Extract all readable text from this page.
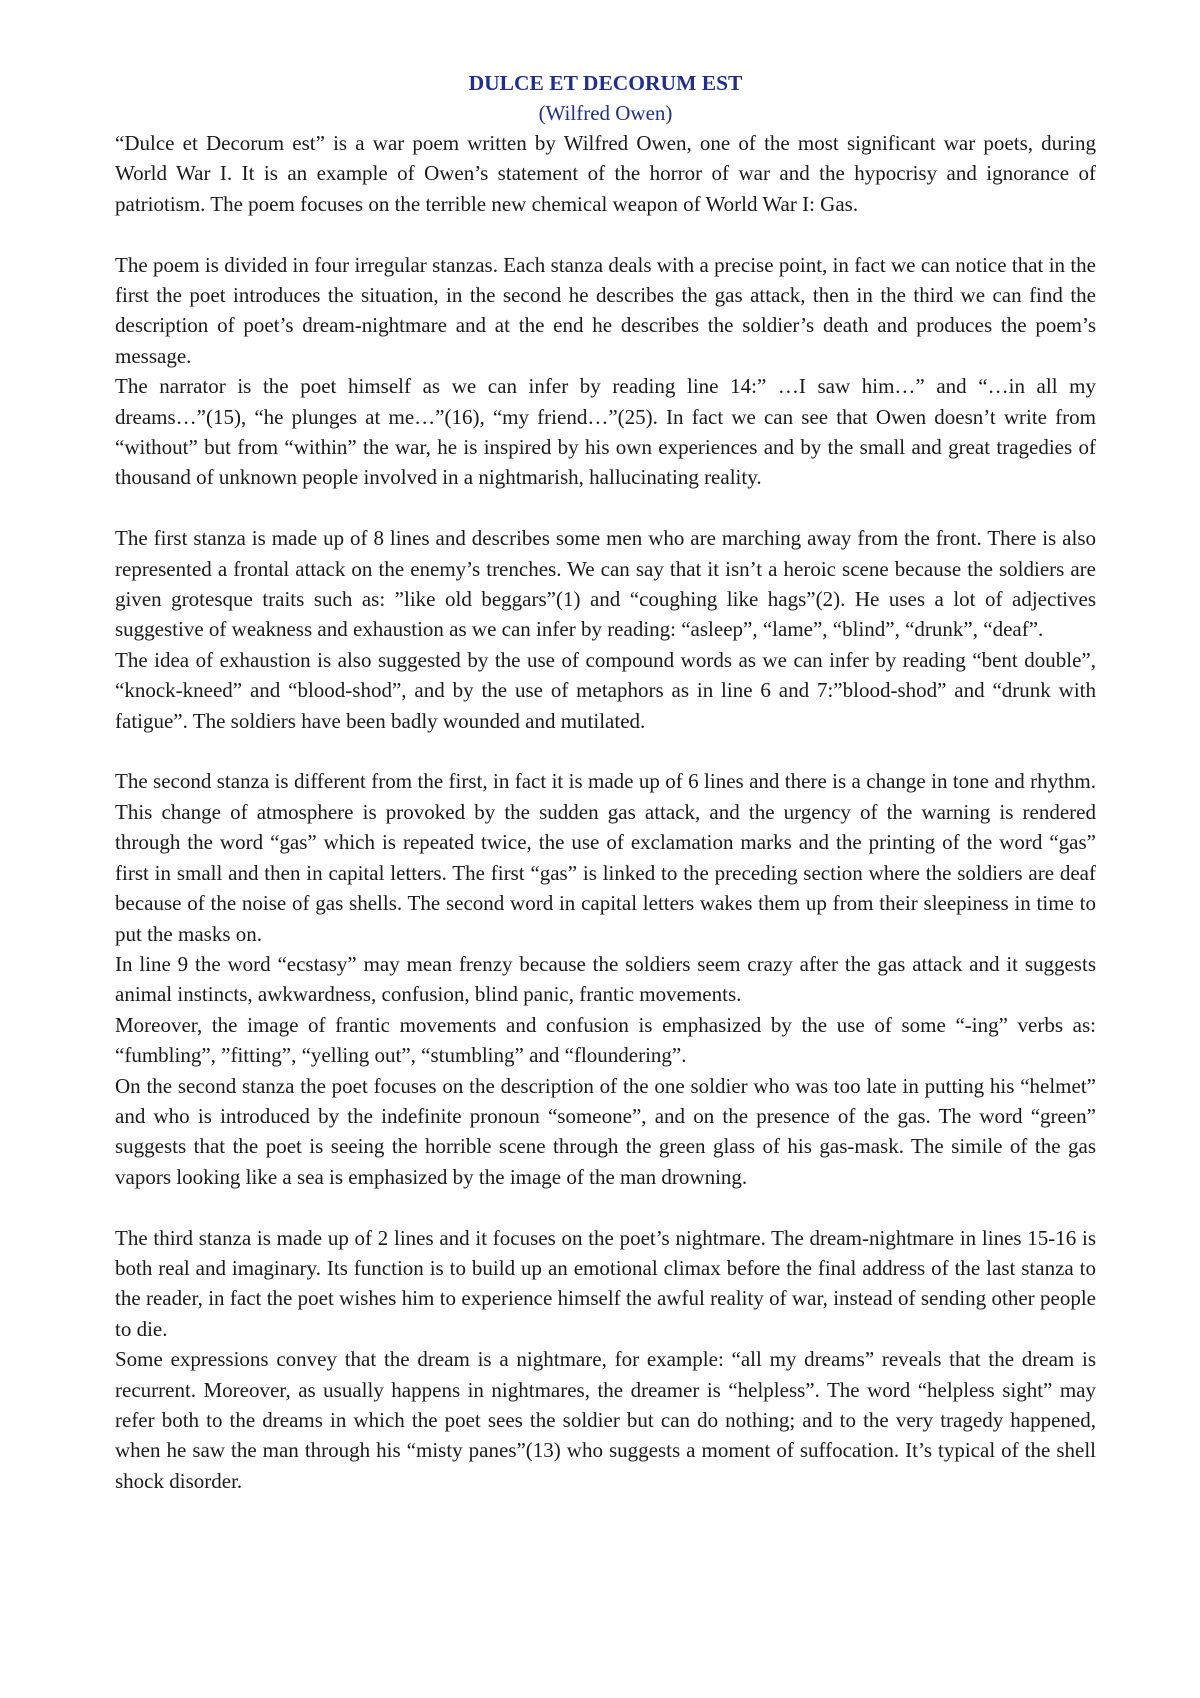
DULCE ET DECORUM EST

(Wilfred Owen)

“Dulce et Decorum est” is a war poem written by Wilfred Owen, one of the most significant war poets, during World War I. It is an example of Owen’s statement of the horror of war and the hypocrisy and ignorance of patriotism. The poem focuses on the terrible new chemical weapon of World War I: Gas.

The poem is divided in four irregular stanzas. Each stanza deals with a precise point, in fact we can notice that in the first the poet introduces the situation, in the second he describes the gas attack, then in the third we can find the description of poet’s dream-nightmare and at the end he describes the soldier’s death and produces the poem’s message.

The narrator is the poet himself as we can infer by reading line 14:” …I saw him…” and “…in all my dreams…”(15), “he plunges at me…”(16), “my friend…”(25). In fact we can see that Owen doesn’t write from “without” but from “within” the war, he is inspired by his own experiences and by the small and great tragedies of thousand of unknown people involved in a nightmarish, hallucinating reality.

The first stanza is made up of 8 lines and describes some men who are marching away from the front. There is also represented a frontal attack on the enemy’s trenches. We can say that it isn’t a heroic scene because the soldiers are given grotesque traits such as: ”like old beggars”(1) and “coughing like hags”(2). He uses a lot of adjectives suggestive of weakness and exhaustion as we can infer by reading: “asleep”, “lame”, “blind”, “drunk”, “deaf”.

The idea of exhaustion is also suggested by the use of compound words as we can infer by reading “bent double”, “knock-kneed” and “blood-shod”, and by the use of metaphors as in line 6 and 7:”blood-shod” and “drunk with fatigue”. The soldiers have been badly wounded and mutilated.

The second stanza is different from the first, in fact it is made up of 6 lines and there is a change in tone and rhythm. This change of atmosphere is provoked by the sudden gas attack, and the urgency of the warning is rendered through the word “gas” which is repeated twice, the use of exclamation marks and the printing of the word “gas” first in small and then in capital letters. The first “gas” is linked to the preceding section where the soldiers are deaf because of the noise of gas shells. The second word in capital letters wakes them up from their sleepiness in time to put the masks on.

In line 9 the word “ecstasy” may mean frenzy because the soldiers seem crazy after the gas attack and it suggests animal instincts, awkwardness, confusion, blind panic, frantic movements.

Moreover, the image of frantic movements and confusion is emphasized by the use of some “-ing” verbs as: “fumbling”, ”fitting”, “yelling out”, “stumbling” and “floundering”.

On the second stanza the poet focuses on the description of the one soldier who was too late in putting his “helmet” and who is introduced by the indefinite pronoun “someone”, and on the presence of the gas. The word “green” suggests that the poet is seeing the horrible scene through the green glass of his gas-mask. The simile of the gas vapors looking like a sea is emphasized by the image of the man drowning.

The third stanza is made up of 2 lines and it focuses on the poet’s nightmare. The dream-nightmare in lines 15-16 is both real and imaginary. Its function is to build up an emotional climax before the final address of the last stanza to the reader, in fact the poet wishes him to experience himself the awful reality of war, instead of sending other people to die.

Some expressions convey that the dream is a nightmare, for example: “all my dreams” reveals that the dream is recurrent. Moreover, as usually happens in nightmares, the dreamer is “helpless”. The word “helpless sight” may refer both to the dreams in which the poet sees the soldier but can do nothing; and to the very tragedy happened, when he saw the man through his “misty panes”(13) who suggests a moment of suffocation. It’s typical of the shell shock disorder.
